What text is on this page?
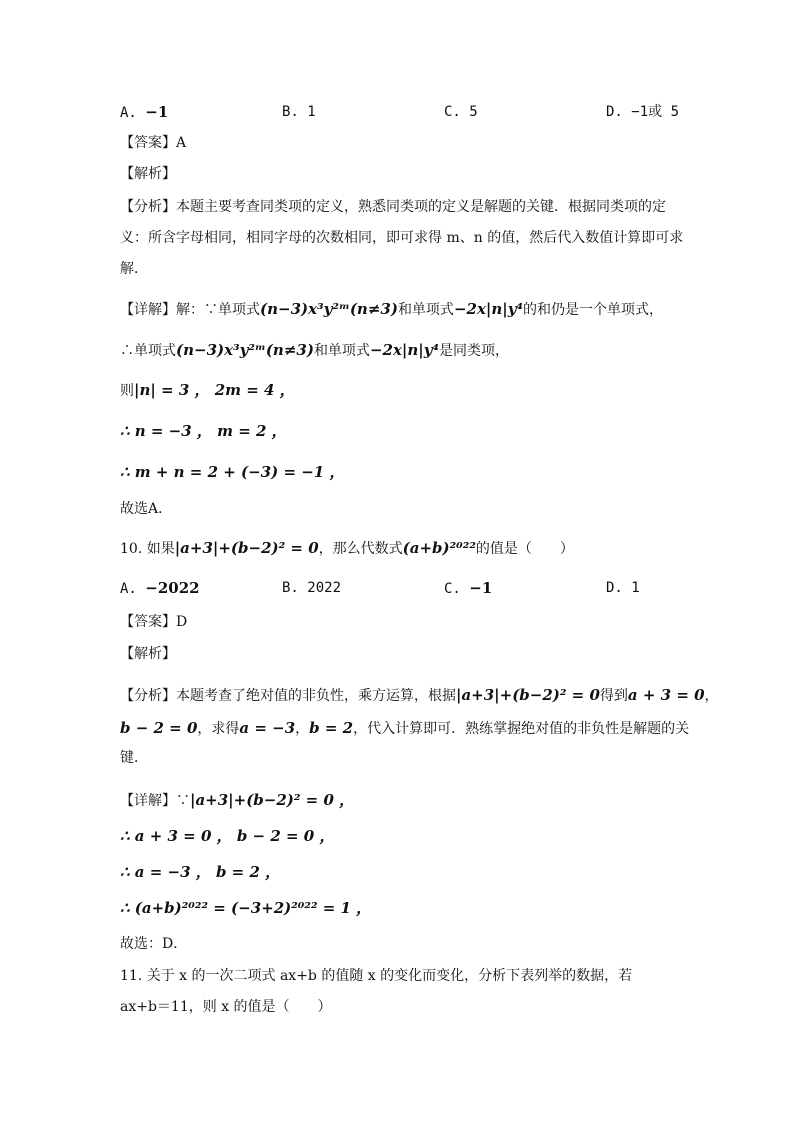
A. −1	B. 1	C. 5	D. −1或 5
【答案】A
【解析】
【分析】本题主要考查同类项的定义，熟悉同类项的定义是解题的关键．根据同类项的定
义：所含字母相同，相同字母的次数相同，即可求得 m、n 的值，然后代入数值计算即可求
解．
【详解】解：∵单项式(n−3)x³y²ᵐ(n≠3)和单项式−2x|n|y⁴的和仍是一个单项式，
∴单项式(n−3)x³y²ᵐ(n≠3)和单项式−2x|n|y⁴是同类项，
则|n| = 3 ， 2m = 4 ，
∴ n = −3 ， m = 2 ，
∴ m + n = 2 + (−3) = −1 ，
故选A．
10. 如果|a+3|+(b−2)² = 0，那么代数式(a+b)²⁰²²的值是（　　）
A. −2022	B. 2022	C. −1	D. 1
【答案】D
【解析】
【分析】本题考查了绝对值的非负性，乘方运算，根据|a+3|+(b−2)² = 0得到a + 3 = 0，
b − 2 = 0，求得a = −3，b = 2，代入计算即可．熟练掌握绝对值的非负性是解题的关
键．
【详解】∵|a+3|+(b−2)² = 0 ，
∴ a + 3 = 0 ， b − 2 = 0 ，
∴ a = −3 ， b = 2 ，
∴ (a+b)²⁰²² = (−3+2)²⁰²² = 1 ，
故选：D．
11. 关于 x 的一次二项式 ax+b 的值随 x 的变化而变化，分析下表列举的数据，若
ax+b＝11，则 x 的值是（　　）
